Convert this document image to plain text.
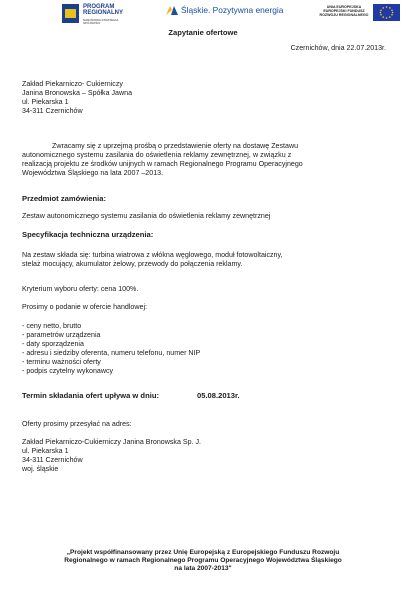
PROGRAM
REGIONALNY
NARODOWA STRATEGIA SPÓJNOŚCI
Śląskie. Pozytywna energia	UNIA EUROPEJSKA
EUROPEJSKI FUNDUSZ
ROZWOJU REGIONALNEGO
Zapytanie ofertowe
Czernichów, dnia 22.07.2013r.
Zakład Piekarniczo- Cukierniczy
Janina Bronowska – Spółka Jawna
ul. Piekarska 1
34-311 Czernichów
Zwracamy się z uprzejmą prośbą o przedstawienie oferty na dostawę Zestawu
autonomicznego systemu zasilania do oświetlenia reklamy zewnętrznej, w związku z
realizacją projektu ze środków unijnych w ramach Regionalnego Programu Operacyjnego
Województwa Śląskiego na lata 2007 –2013.
Przedmiot zamówienia:
Zestaw autonomicznego systemu zasilania do oświetlenia reklamy zewnętrznej
Specyfikacja techniczna urządzenia:
Na zestaw składa się: turbina wiatrowa z włókna węglowego, moduł fotowoltaiczny,
stelaż mocujący, akumulator żelowy, przewody do połączenia reklamy.
Kryterium wyboru oferty: cena 100%.
Prosimy o podanie w ofercie handlowej:
- ceny netto, brutto
- parametrów urządzenia
- daty sporządzenia
- adresu i siedziby oferenta, numeru telefonu, numer NIP
- terminu ważności oferty
- podpis czytelny wykonawcy
Termin składania ofert upływa w dniu:	05.08.2013r.
Oferty prosimy przesyłać na adres:
Zakład Piekarniczo-Cukierniczy Janina Bronowska Sp. J.
ul. Piekarska 1
34-311 Czernichów
woj. śląskie
„Projekt współfinansowany przez Unię Europejską z Europejskiego Funduszu Rozwoju
Regionalnego w ramach Regionalnego Programu Operacyjnego Województwa Śląskiego
na lata 2007-2013"
